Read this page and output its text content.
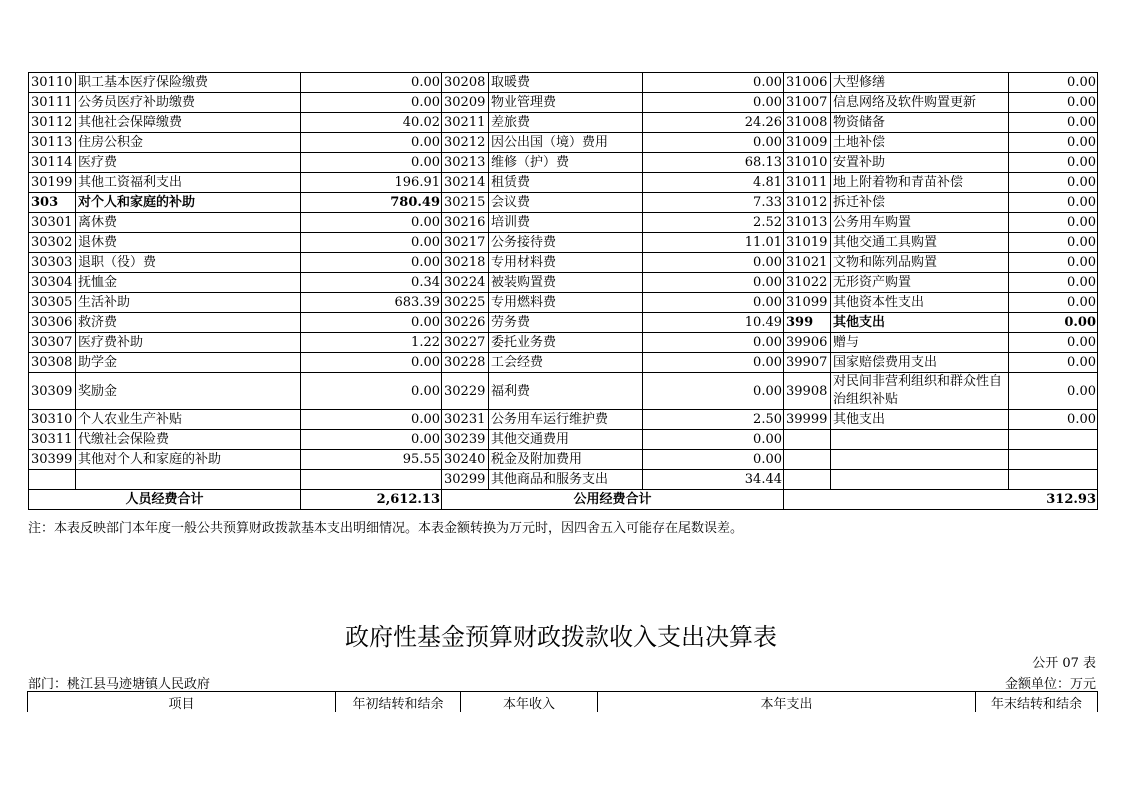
30110	职工基本医疗保险缴费	0.00	30208	取暖费	0.00	31006	大型修缮	0.00
30111	公务员医疗补助缴费	0.00	30209	物业管理费	0.00	31007	信息网络及软件购置更新	0.00
30112	其他社会保障缴费	40.02	30211	差旅费	24.26	31008	物资储备	0.00
30113	住房公积金	0.00	30212	因公出国（境）费用	0.00	31009	土地补偿	0.00
30114	医疗费	0.00	30213	维修（护）费	68.13	31010	安置补助	0.00
30199	其他工资福利支出	196.91	30214	租赁费	4.81	31011	地上附着物和青苗补偿	0.00
303	对个人和家庭的补助	780.49	30215	会议费	7.33	31012	拆迁补偿	0.00
30301	离休费	0.00	30216	培训费	2.52	31013	公务用车购置	0.00
30302	退休费	0.00	30217	公务接待费	11.01	31019	其他交通工具购置	0.00
30303	退职（役）费	0.00	30218	专用材料费	0.00	31021	文物和陈列品购置	0.00
30304	抚恤金	0.34	30224	被装购置费	0.00	31022	无形资产购置	0.00
30305	生活补助	683.39	30225	专用燃料费	0.00	31099	其他资本性支出	0.00
30306	救济费	0.00	30226	劳务费	10.49	399	其他支出	0.00
30307	医疗费补助	1.22	30227	委托业务费	0.00	39906	赠与	0.00
30308	助学金	0.00	30228	工会经费	0.00	39907	国家赔偿费用支出	0.00
30309	奖励金	0.00	30229	福利费	0.00	39908	对民间非营利组织和群众性自治组织补贴	0.00
30310	个人农业生产补贴	0.00	30231	公务用车运行维护费	2.50	39999	其他支出	0.00
30311	代缴社会保险费	0.00	30239	其他交通费用	0.00			
30399	其他对个人和家庭的补助	95.55	30240	税金及附加费用	0.00			
			30299	其他商品和服务支出	34.44			
人员经费合计		2,612.13	公用经费合计			312.93		
注：本表反映部门本年度一般公共预算财政拨款基本支出明细情况。本表金额转换为万元时，因四舍五入可能存在尾数误差。
政府性基金预算财政拨款收入支出决算表
公开 07 表
部门：桃江县马迹塘镇人民政府	金额单位：万元
项目	年初结转和结余	本年收入	本年支出	年末结转和结余
